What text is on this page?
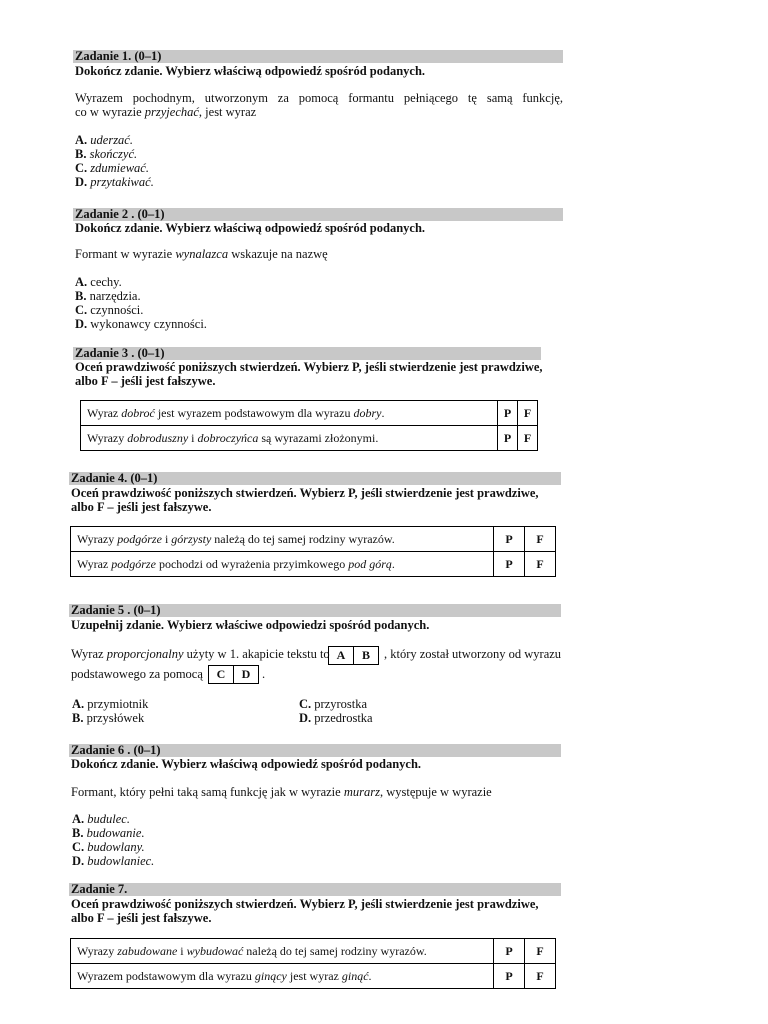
Zadanie 1. (0–1)
Dokończ zdanie. Wybierz właściwą odpowiedź spośród podanych.
Wyrazem pochodnym, utworzonym za pomocą formantu pełniącego tę samą funkcję,
co w wyrazie przyjechać, jest wyraz
A. uderzać.
B. skończyć.
C. zdumiewać.
D. przytakiwać.
Zadanie 2 . (0–1)
Dokończ zdanie. Wybierz właściwą odpowiedź spośród podanych.
Formant w wyrazie wynalazca wskazuje na nazwę
A. cechy.
B. narzędzia.
C. czynności.
D. wykonawcy czynności.
Zadanie 3 . (0–1)
Oceń prawdziwość poniższych stwierdzeń. Wybierz P, jeśli stwierdzenie jest prawdziwe,
albo F – jeśli jest fałszywe.
Wyraz dobroć jest wyrazem podstawowym dla wyrazu dobry.	P	F
Wyrazy dobroduszny i dobroczyńca są wyrazami złożonymi.	P	F
Zadanie 4. (0–1)
Oceń prawdziwość poniższych stwierdzeń. Wybierz P, jeśli stwierdzenie jest prawdziwe,
albo F – jeśli jest fałszywe.
Wyrazy podgórze i górzysty należą do tej samej rodziny wyrazów.	P	F
Wyraz podgórze pochodzi od wyrażenia przyimkowego pod górą.	P	F
Zadanie 5 . (0–1)
Uzupełnij zdanie. Wybierz właściwe odpowiedzi spośród podanych.
Wyraz proporcjonalny użyty w 1. akapicie tekstu to A	B	, który został utworzony od wyrazu
podstawowego za pomocą	C	D .
A. przymiotnik
B. przysłówek
C. przyrostka
D. przedrostka
Zadanie 6 . (0–1)
Dokończ zdanie. Wybierz właściwą odpowiedź spośród podanych.
Formant, który pełni taką samą funkcję jak w wyrazie murarz, występuje w wyrazie
A. budulec.
B. budowanie.
C. budowlany.
D. budowlaniec.
Zadanie 7.
Oceń prawdziwość poniższych stwierdzeń. Wybierz P, jeśli stwierdzenie jest prawdziwe,
albo F – jeśli jest fałszywe.
Wyrazy zabudowane i wybudować należą do tej samej rodziny wyrazów.	P	F
Wyrazem podstawowym dla wyrazu ginący jest wyraz ginąć.	P	F
